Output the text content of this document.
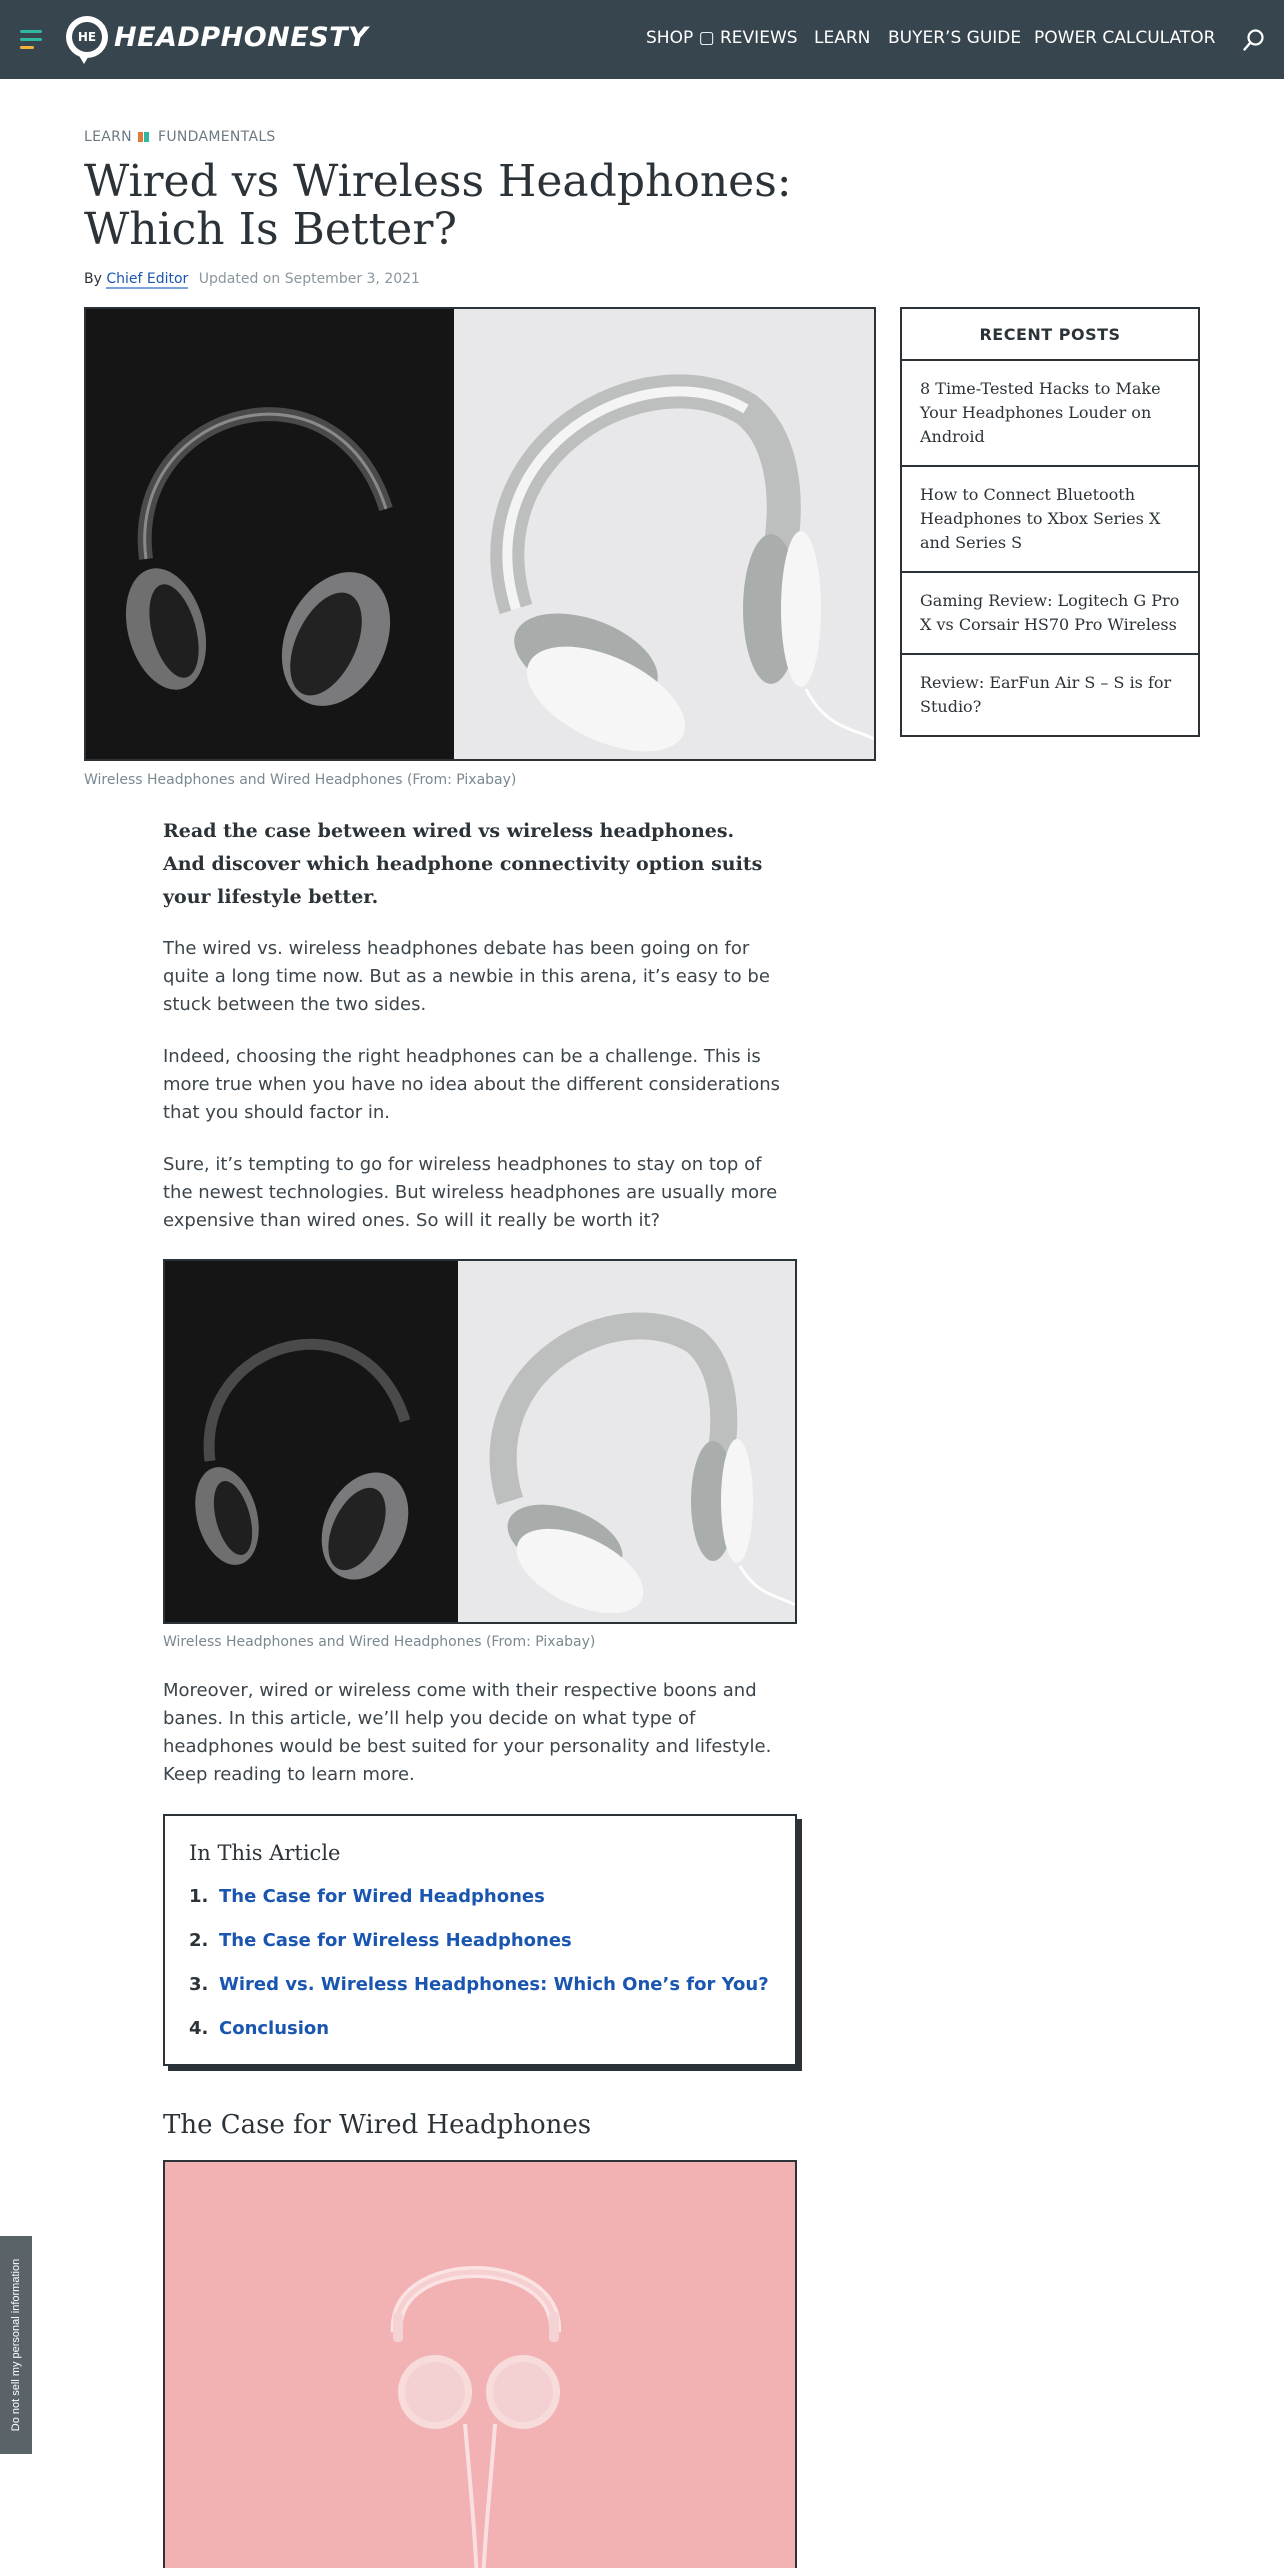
HE HEADPHONESTY	SHOP ▢ REVIEWS LEARN BUYER’S GUIDE POWER CALCULATOR
LEARN FUNDAMENTALS
Wired vs Wireless Headphones: Which Is Better?
By Chief Editor Updated on September 3, 2021
Wireless Headphones and Wired Headphones (From: Pixabay)
RECENT POSTS
8 Time-Tested Hacks to Make Your Headphones Louder on Android
How to Connect Bluetooth Headphones to Xbox Series X and Series S
Gaming Review: Logitech G Pro X vs Corsair HS70 Pro Wireless
Review: EarFun Air S – S is for Studio?

Read the case between wired vs wireless headphones. And discover which headphone connectivity option suits your lifestyle better.

The wired vs. wireless headphones debate has been going on for quite a long time now. But as a newbie in this arena, it’s easy to be stuck between the two sides.

Indeed, choosing the right headphones can be a challenge. This is more true when you have no idea about the different considerations that you should factor in.

Sure, it’s tempting to go for wireless headphones to stay on top of the newest technologies. But wireless headphones are usually more expensive than wired ones. So will it really be worth it?

Wireless Headphones and Wired Headphones (From: Pixabay)

Moreover, wired or wireless come with their respective boons and banes. In this article, we’ll help you decide on what type of headphones would be best suited for your personality and lifestyle. Keep reading to learn more.

In This Article
1. The Case for Wired Headphones
2. The Case for Wireless Headphones
3. Wired vs. Wireless Headphones: Which One’s for You?
4. Conclusion
The Case for Wired Headphones
Do not sell my personal information
